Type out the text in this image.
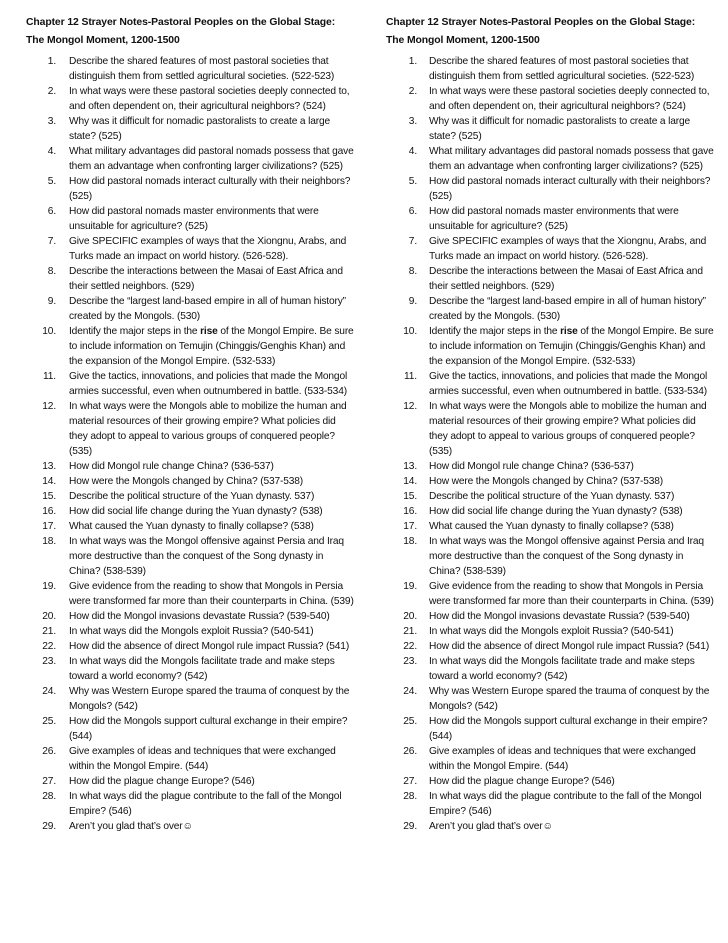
Chapter 12 Strayer Notes-Pastoral Peoples on the Global Stage: The Mongol Moment, 1200-1500
1. Describe the shared features of most pastoral societies that distinguish them from settled agricultural societies. (522-523)
2. In what ways were these pastoral societies deeply connected to, and often dependent on, their agricultural neighbors? (524)
3. Why was it difficult for nomadic pastoralists to create a large state? (525)
4. What military advantages did pastoral nomads possess that gave them an advantage when confronting larger civilizations? (525)
5. How did pastoral nomads interact culturally with their neighbors? (525)
6. How did pastoral nomads master environments that were unsuitable for agriculture? (525)
7. Give SPECIFIC examples of ways that the Xiongnu, Arabs, and Turks made an impact on world history. (526-528).
8. Describe the interactions between the Masai of East Africa and their settled neighbors. (529)
9. Describe the “largest land-based empire in all of human history” created by the Mongols. (530)
10. Identify the major steps in the rise of the Mongol Empire. Be sure to include information on Temujin (Chinggis/Genghis Khan) and the expansion of the Mongol Empire. (532-533)
11. Give the tactics, innovations, and policies that made the Mongol armies successful, even when outnumbered in battle. (533-534)
12. In what ways were the Mongols able to mobilize the human and material resources of their growing empire? What policies did they adopt to appeal to various groups of conquered people? (535)
13. How did Mongol rule change China? (536-537)
14. How were the Mongols changed by China? (537-538)
15. Describe the political structure of the Yuan dynasty. 537)
16. How did social life change during the Yuan dynasty? (538)
17. What caused the Yuan dynasty to finally collapse? (538)
18. In what ways was the Mongol offensive against Persia and Iraq more destructive than the conquest of the Song dynasty in China? (538-539)
19. Give evidence from the reading to show that Mongols in Persia were transformed far more than their counterparts in China. (539)
20. How did the Mongol invasions devastate Russia? (539-540)
21. In what ways did the Mongols exploit Russia? (540-541)
22. How did the absence of direct Mongol rule impact Russia? (541)
23. In what ways did the Mongols facilitate trade and make steps toward a world economy? (542)
24. Why was Western Europe spared the trauma of conquest by the Mongols? (542)
25. How did the Mongols support cultural exchange in their empire? (544)
26. Give examples of ideas and techniques that were exchanged within the Mongol Empire. (544)
27. How did the plague change Europe? (546)
28. In what ways did the plague contribute to the fall of the Mongol Empire? (546)
29. Aren’t you glad that’s over☺
Chapter 12 Strayer Notes-Pastoral Peoples on the Global Stage: The Mongol Moment, 1200-1500
1. Describe the shared features of most pastoral societies that distinguish them from settled agricultural societies. (522-523)
2. In what ways were these pastoral societies deeply connected to, and often dependent on, their agricultural neighbors? (524)
3. Why was it difficult for nomadic pastoralists to create a large state? (525)
4. What military advantages did pastoral nomads possess that gave them an advantage when confronting larger civilizations? (525)
5. How did pastoral nomads interact culturally with their neighbors? (525)
6. How did pastoral nomads master environments that were unsuitable for agriculture? (525)
7. Give SPECIFIC examples of ways that the Xiongnu, Arabs, and Turks made an impact on world history. (526-528).
8. Describe the interactions between the Masai of East Africa and their settled neighbors. (529)
9. Describe the “largest land-based empire in all of human history” created by the Mongols. (530)
10. Identify the major steps in the rise of the Mongol Empire. Be sure to include information on Temujin (Chinggis/Genghis Khan) and the expansion of the Mongol Empire. (532-533)
11. Give the tactics, innovations, and policies that made the Mongol armies successful, even when outnumbered in battle. (533-534)
12. In what ways were the Mongols able to mobilize the human and material resources of their growing empire? What policies did they adopt to appeal to various groups of conquered people? (535)
13. How did Mongol rule change China? (536-537)
14. How were the Mongols changed by China? (537-538)
15. Describe the political structure of the Yuan dynasty. 537)
16. How did social life change during the Yuan dynasty? (538)
17. What caused the Yuan dynasty to finally collapse? (538)
18. In what ways was the Mongol offensive against Persia and Iraq more destructive than the conquest of the Song dynasty in China? (538-539)
19. Give evidence from the reading to show that Mongols in Persia were transformed far more than their counterparts in China. (539)
20. How did the Mongol invasions devastate Russia? (539-540)
21. In what ways did the Mongols exploit Russia? (540-541)
22. How did the absence of direct Mongol rule impact Russia? (541)
23. In what ways did the Mongols facilitate trade and make steps toward a world economy? (542)
24. Why was Western Europe spared the trauma of conquest by the Mongols? (542)
25. How did the Mongols support cultural exchange in their empire? (544)
26. Give examples of ideas and techniques that were exchanged within the Mongol Empire. (544)
27. How did the plague change Europe? (546)
28. In what ways did the plague contribute to the fall of the Mongol Empire? (546)
29. Aren’t you glad that’s over☺
